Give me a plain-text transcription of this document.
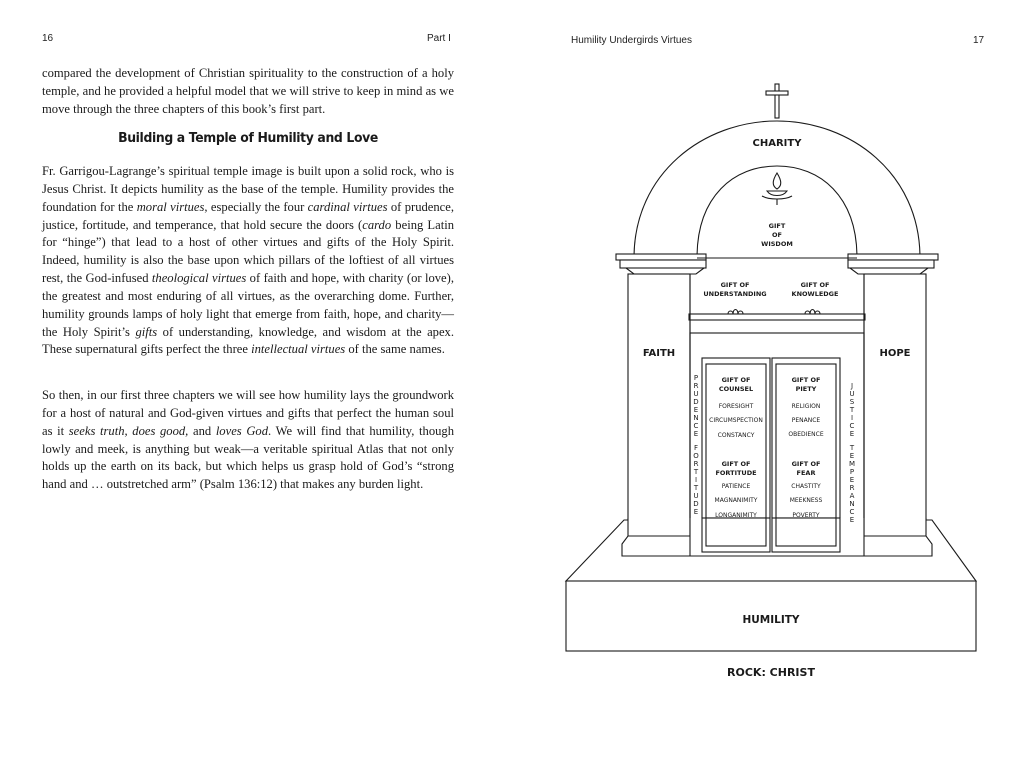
16	Part I

compared the development of Christian spirituality to the construction of a holy temple, and he provided a helpful model that we will strive to keep in mind as we move through the three chapters of this book’s first part.

Building a Temple of Humility and Love

Fr. Garrigou-Lagrange’s spiritual temple image is built upon a solid rock, who is Jesus Christ. It depicts humility as the base of the temple. Humility provides the foundation for the moral virtues, especially the four cardinal virtues of prudence, justice, fortitude, and temperance, that hold secure the doors (cardo being Latin for “hinge”) that lead to a host of other virtues and gifts of the Holy Spirit. Indeed, humility is also the base upon which pillars of the loftiest of all virtues rest, the God-infused theological virtues of faith and hope, with charity (or love), the greatest and most enduring of all virtues, as the overarching dome. Further, humility grounds lamps of holy light that emerge from faith, hope, and charity—the Holy Spirit’s gifts of understanding, knowledge, and wisdom at the apex. These supernatural gifts perfect the three intellectual virtues of the same names.

So then, in our first three chapters we will see how humility lays the groundwork for a host of natural and God-given virtues and gifts that perfect the human soul as it seeks truth, does good, and loves God. We will find that humility, though lowly and meek, is anything but weak—a veritable spiritual Atlas that not only holds up the earth on its back, but which helps us grasp hold of God’s “strong hand and … outstretched arm” (Psalm 136:12) that makes any burden light.

Humility Undergirds Virtues	17
CHARITY
GIFT
OF
WISDOM
GIFT OF
UNDERSTANDING
GIFT OF
KNOWLEDGE
FAITH	HOPE
P
R
U
D
E
N
C
E
F
O
R
T
I
T
U
D
E
J
U
S
T
I
C
E
T
E
M
P
E
R
A
N
C
E
GIFT OF
COUNSEL
FORESIGHT
CIRCUMSPECTION
CONSTANCY
GIFT OF
FORTITUDE
PATIENCE
MAGNANIMITY
LONGANIMITY
GIFT OF
PIETY
RELIGION
PENANCE
OBEDIENCE
GIFT OF
FEAR
CHASTITY
MEEKNESS
POVERTY
HUMILITY
ROCK: CHRIST
